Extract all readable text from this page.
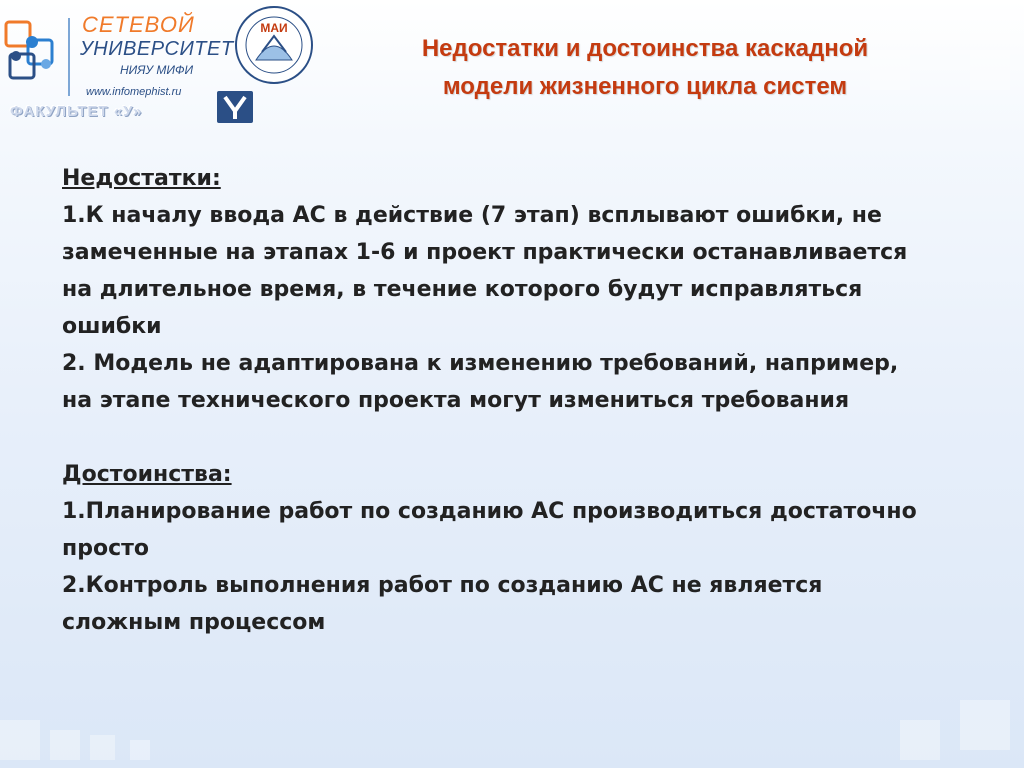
СЕТЕВОЙ
УНИВЕРСИТЕТ
НИЯУ МИФИ
www.infomephist.ru
МАИ
ФАКУЛЬТЕТ «У»
Недостатки и достоинства каскадной
модели жизненного цикла систем
Недостатки:
1.К началу ввода АС в действие (7 этап) всплывают ошибки, не
замеченные на этапах 1-6 и проект практически останавливается
на длительное время, в течение которого будут исправляться
ошибки
2. Модель не адаптирована к изменению требований, например,
на этапе технического проекта могут измениться требования
Достоинства:
1.Планирование работ по созданию АС производиться достаточно
просто
2.Контроль выполнения работ по созданию АС не является
сложным процессом
